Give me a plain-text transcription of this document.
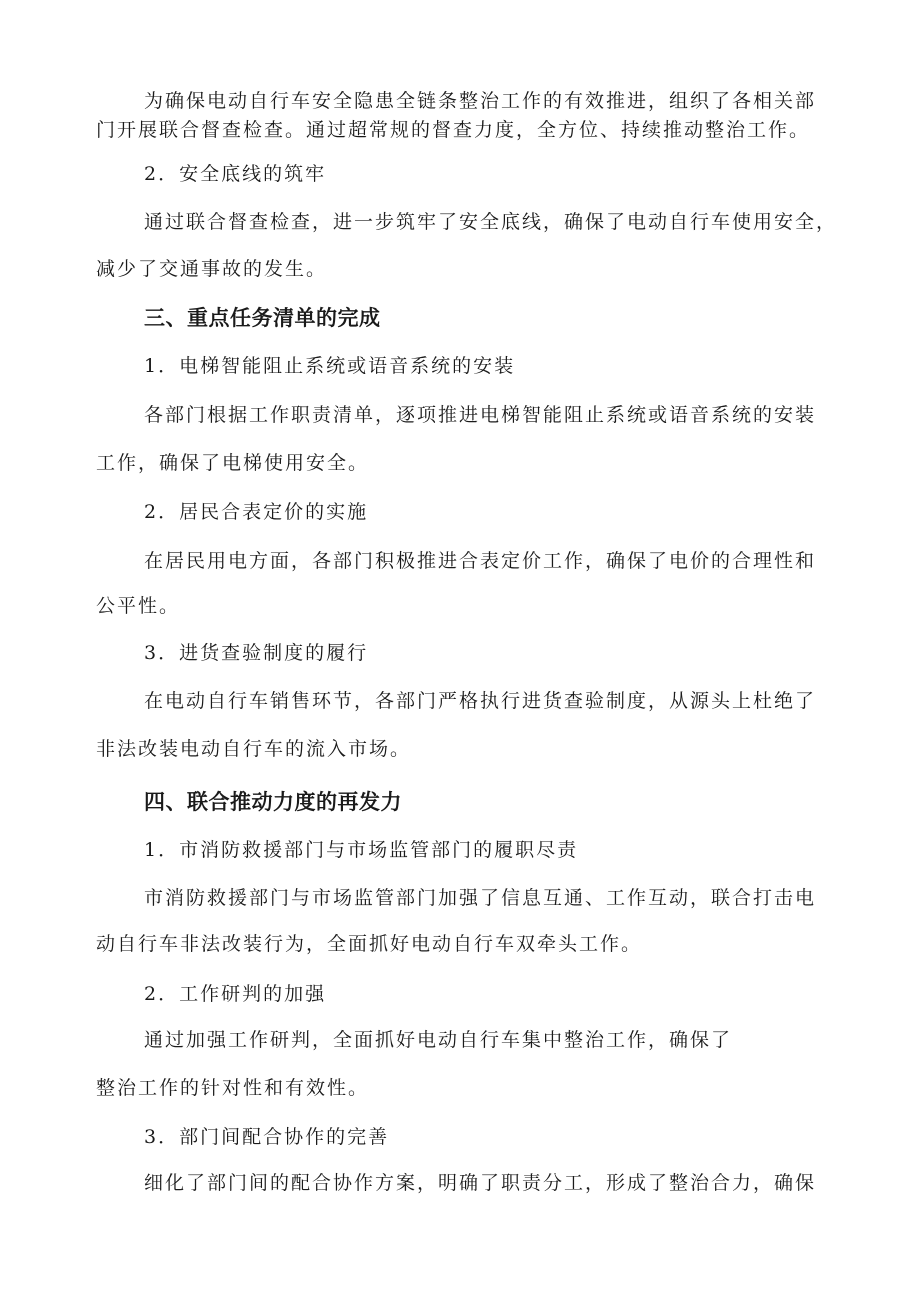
为确保电动自行车安全隐患全链条整治工作的有效推进，组织了各相关部
门开展联合督查检查。通过超常规的督查力度，全方位、持续推动整治工作。
2．安全底线的筑牢
通过联合督查检查，进一步筑牢了安全底线，确保了电动自行车使用安全，
减少了交通事故的发生。
三、重点任务清单的完成
1．电梯智能阻止系统或语音系统的安装
各部门根据工作职责清单，逐项推进电梯智能阻止系统或语音系统的安装
工作，确保了电梯使用安全。
2．居民合表定价的实施
在居民用电方面，各部门积极推进合表定价工作，确保了电价的合理性和
公平性。
3．进货查验制度的履行
在电动自行车销售环节，各部门严格执行进货查验制度，从源头上杜绝了
非法改装电动自行车的流入市场。
四、联合推动力度的再发力
1．市消防救援部门与市场监管部门的履职尽责
市消防救援部门与市场监管部门加强了信息互通、工作互动，联合打击电
动自行车非法改装行为，全面抓好电动自行车双牵头工作。
2．工作研判的加强
通过加强工作研判，全面抓好电动自行车集中整治工作，确保了
整治工作的针对性和有效性。
3．部门间配合协作的完善
细化了部门间的配合协作方案，明确了职责分工，形成了整治合力，确保
